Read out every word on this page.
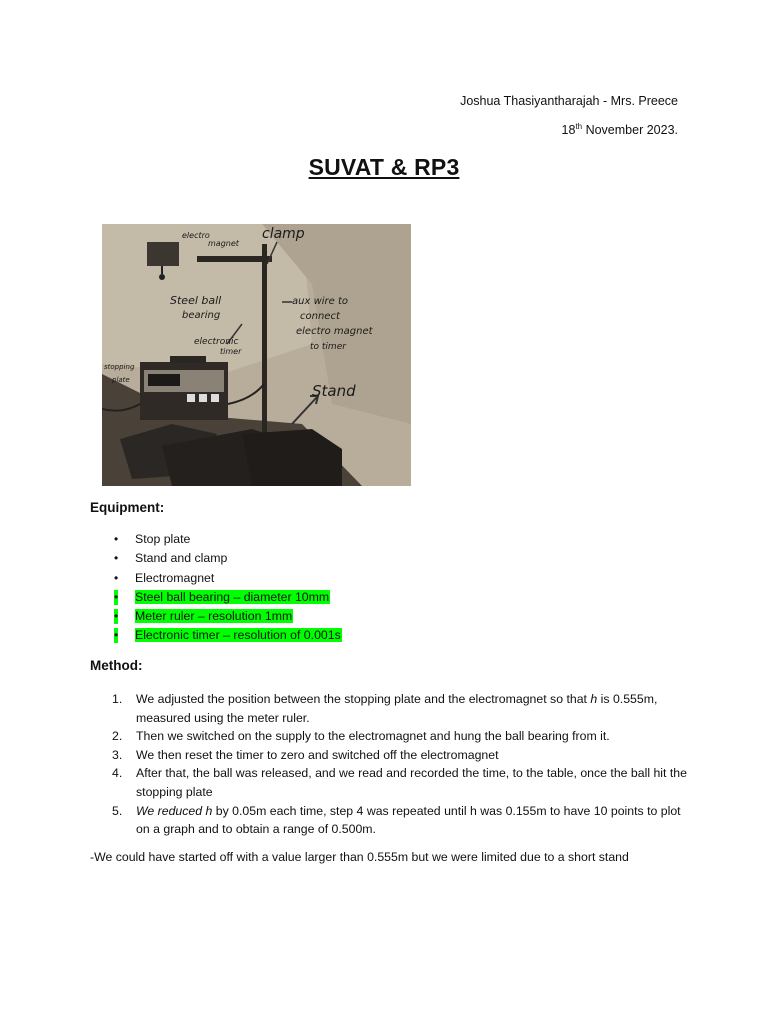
Joshua Thasiyantharajah - Mrs. Preece
18th November 2023.
SUVAT & RP3
electro
magnet
clamp
Steel ball
bearing
aux wire to
connect
electro magnet
to timer
electronic
timer
stopping
plate
Stand
Equipment:
• Stop plate
• Stand and clamp
• Electromagnet
• Steel ball bearing – diameter 10mm
• Meter ruler – resolution 1mm
• Electronic timer – resolution of 0.001s
Method:
1. We adjusted the position between the stopping plate and the electromagnet so that h is 0.555m, measured using the meter ruler.
2. Then we switched on the supply to the electromagnet and hung the ball bearing from it.
3. We then reset the timer to zero and switched off the electromagnet
4. After that, the ball was released, and we read and recorded the time, to the table, once the ball hit the stopping plate
5. We reduced h by 0.05m each time, step 4 was repeated until h was 0.155m to have 10 points to plot on a graph and to obtain a range of 0.500m.
-We could have started off with a value larger than 0.555m but we were limited due to a short stand
